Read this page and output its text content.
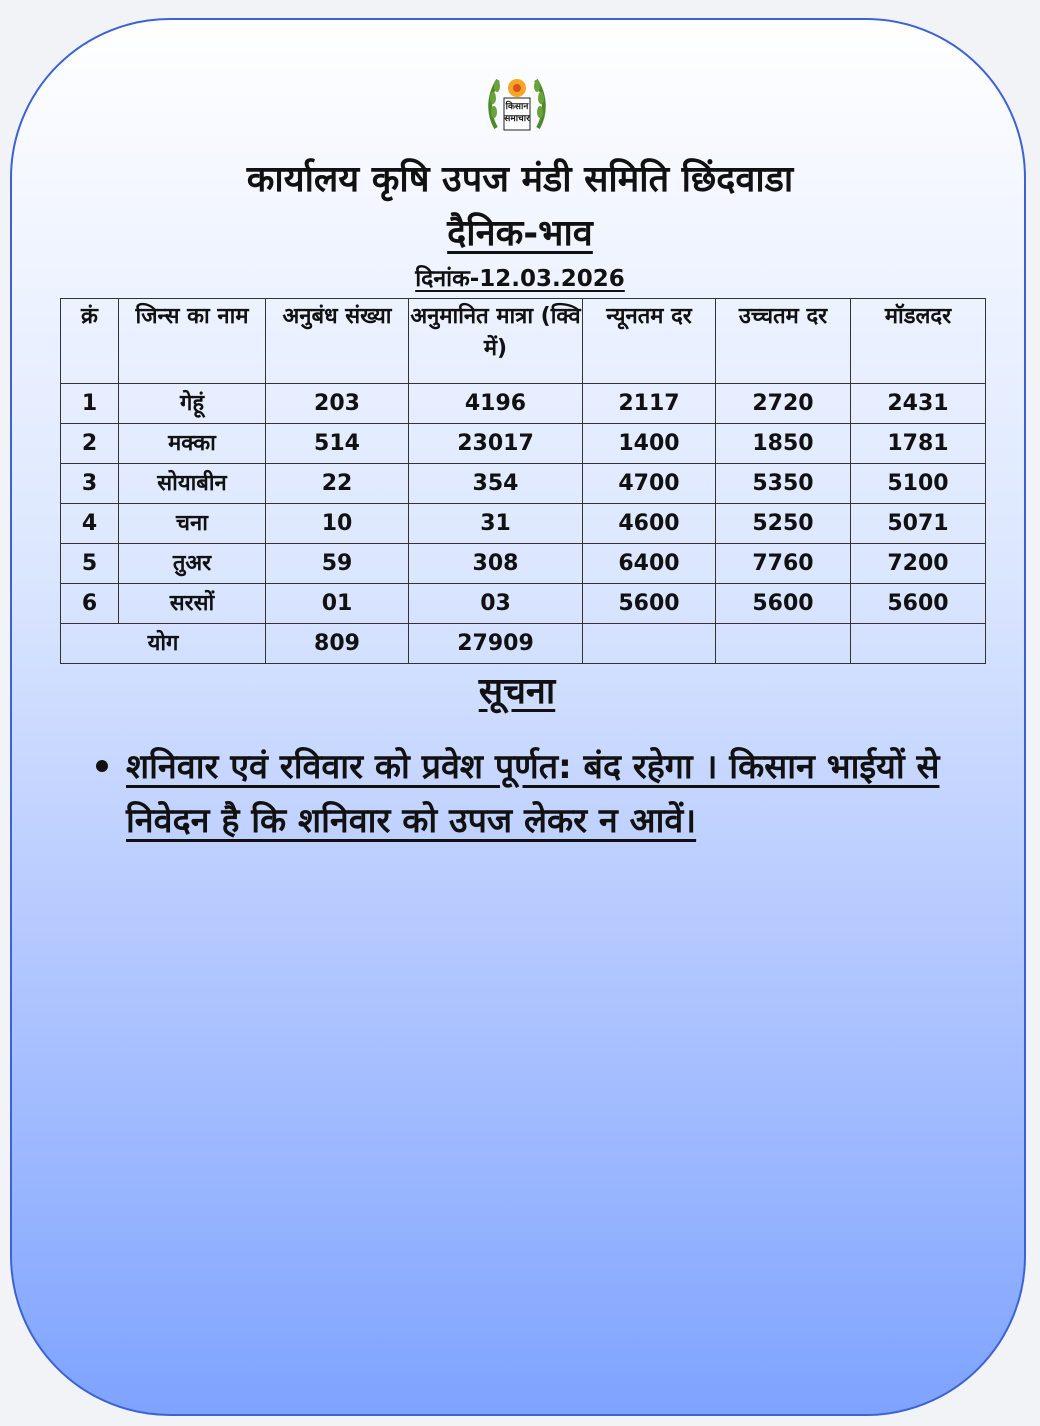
किसान
समाचार
कार्यालय कृषि उपज मंडी समिति छिंदवाडा
दैनिक-भाव
दिनांक-12.03.2026
क्रं	जिन्स का नाम	अनुबंध संख्या	अनुमानित मात्रा (क्वि में)	न्यूनतम दर	उच्चतम दर	मॉडलदर
1	गेहूं	203	4196	2117	2720	2431
2	मक्का	514	23017	1400	1850	1781
3	सोयाबीन	22	354	4700	5350	5100
4	चना	10	31	4600	5250	5071
5	तुअर	59	308	6400	7760	7200
6	सरसों	01	03	5600	5600	5600
योग		809	27909			
सूचना
शनिवार एवं रविवार को प्रवेश पूर्णत: बंद रहेगा । किसान भाईयों से निवेदन है कि शनिवार को उपज लेकर न आवें।
